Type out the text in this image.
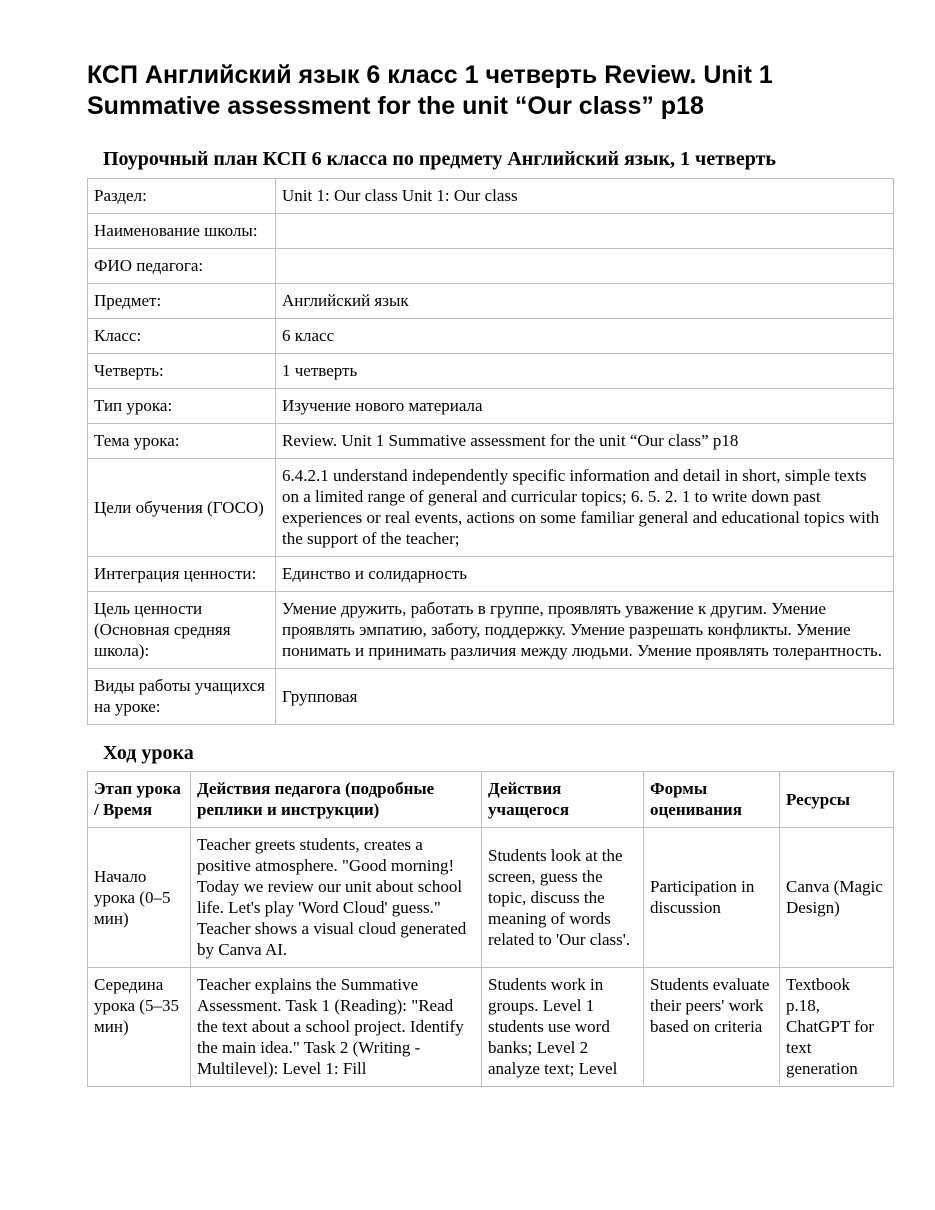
КСП Английский язык 6 класс 1 четверть Review. Unit 1 Summative assessment for the unit “Our class” p18
Поурочный план КСП 6 класса по предмету Английский язык, 1 четверть
Раздел:	Unit 1: Our class Unit 1: Our class
Наименование школы:	
ФИО педагога:	
Предмет:	Английский язык
Класс:	6 класс
Четверть:	1 четверть
Тип урока:	Изучение нового материала
Тема урока:	Review. Unit 1 Summative assessment for the unit “Our class” p18
Цели обучения (ГОСО)	6.4.2.1 understand independently specific information and detail in short, simple texts on a limited range of general and curricular topics; 6. 5. 2. 1 to write down past experiences or real events, actions on some familiar general and educational topics with the support of the teacher;
Интеграция ценности:	Единство и солидарность
Цель ценности (Основная средняя школа):	Умение дружить, работать в группе, проявлять уважение к другим. Умение проявлять эмпатию, заботу, поддержку. Умение разрешать конфликты. Умение понимать и принимать различия между людьми. Умение проявлять толерантность.
Виды работы учащихся на уроке:	Групповая
Ход урока
Этап урока / Время	Действия педагога (подробные реплики и инструкции)	Действия учащегося	Формы оценивания	Ресурсы
Начало урока (0–5 мин)	Teacher greets students, creates a positive atmosphere. "Good morning! Today we review our unit about school life. Let's play 'Word Cloud' guess." Teacher shows a visual cloud generated by Canva AI.	Students look at the screen, guess the topic, discuss the meaning of words related to 'Our class'.	Participation in discussion	Canva (Magic Design)
Середина урока (5–35 мин)	Teacher explains the Summative Assessment. Task 1 (Reading): "Read the text about a school project. Identify the main idea." Task 2 (Writing - Multilevel): Level 1: Fill	Students work in groups. Level 1 students use word banks; Level 2 analyze text; Level	Students evaluate their peers' work based on criteria	Textbook p.18, ChatGPT for text generation
